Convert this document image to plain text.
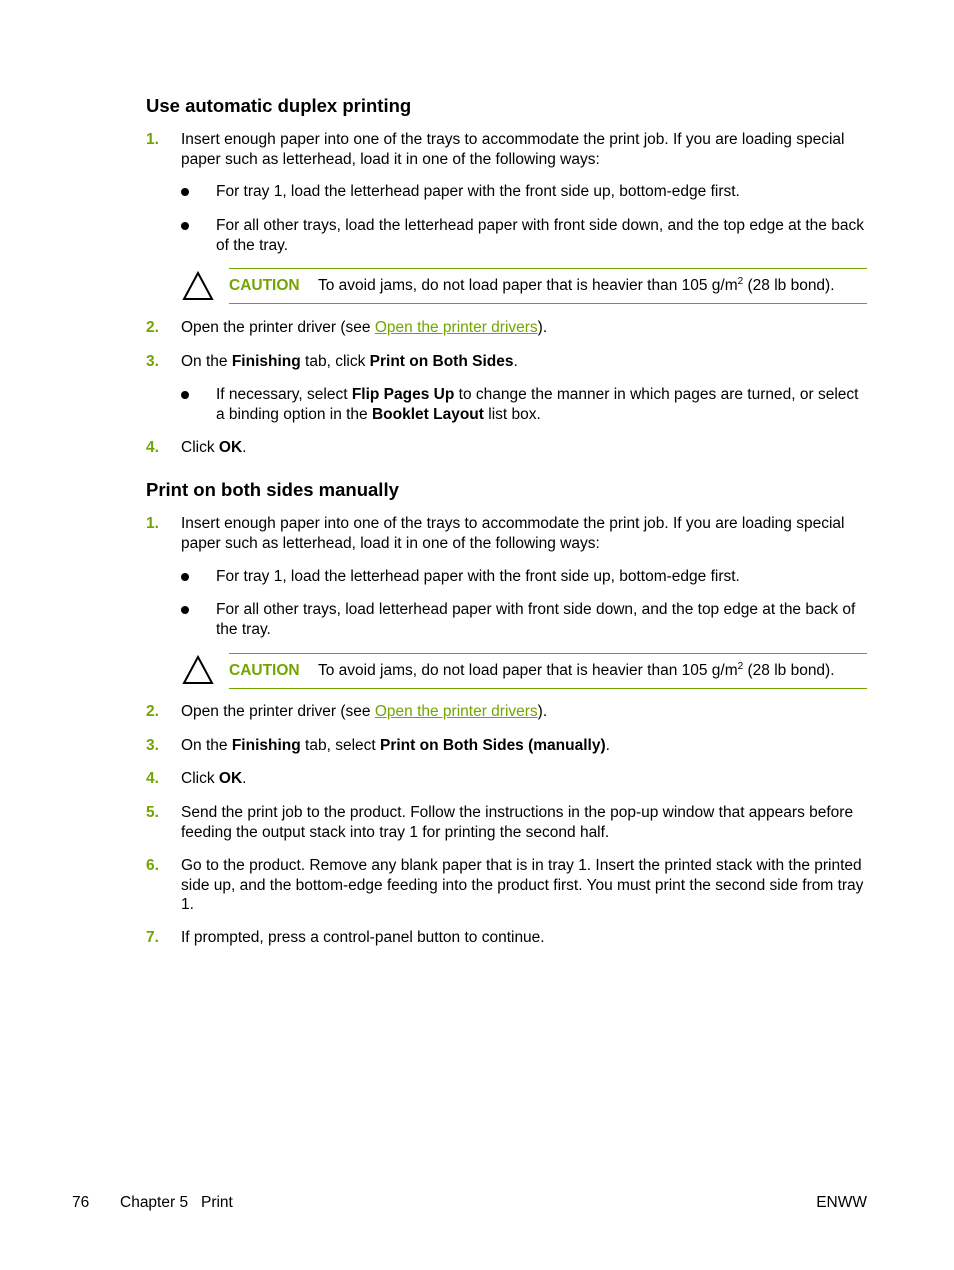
Use automatic duplex printing
1. Insert enough paper into one of the trays to accommodate the print job. If you are loading special paper such as letterhead, load it in one of the following ways:
For tray 1, load the letterhead paper with the front side up, bottom-edge first.
For all other trays, load the letterhead paper with front side down, and the top edge at the back of the tray.
CAUTION To avoid jams, do not load paper that is heavier than 105 $g/m^2$ (28 lb bond).
2. Open the printer driver (see Open the printer drivers).
3. On the Finishing tab, click Print on Both Sides.
If necessary, select Flip Pages Up to change the manner in which pages are turned, or select a binding option in the Booklet Layout list box.
4. Click OK.
Print on both sides manually
1. Insert enough paper into one of the trays to accommodate the print job. If you are loading special paper such as letterhead, load it in one of the following ways:
For tray 1, load the letterhead paper with the front side up, bottom-edge first.
For all other trays, load letterhead paper with front side down, and the top edge at the back of the tray.
CAUTION To avoid jams, do not load paper that is heavier than 105 $g/m^2$ (28 lb bond).
2. Open the printer driver (see Open the printer drivers).
3. On the Finishing tab, select Print on Both Sides (manually).
4. Click OK.
5. Send the print job to the product. Follow the instructions in the pop-up window that appears before feeding the output stack into tray 1 for printing the second half.
6. Go to the product. Remove any blank paper that is in tray 1. Insert the printed stack with the printed side up, and the bottom-edge feeding into the product first. You must print the second side from tray 1.
7. If prompted, press a control-panel button to continue.
76 Chapter 5   Print	ENWW
